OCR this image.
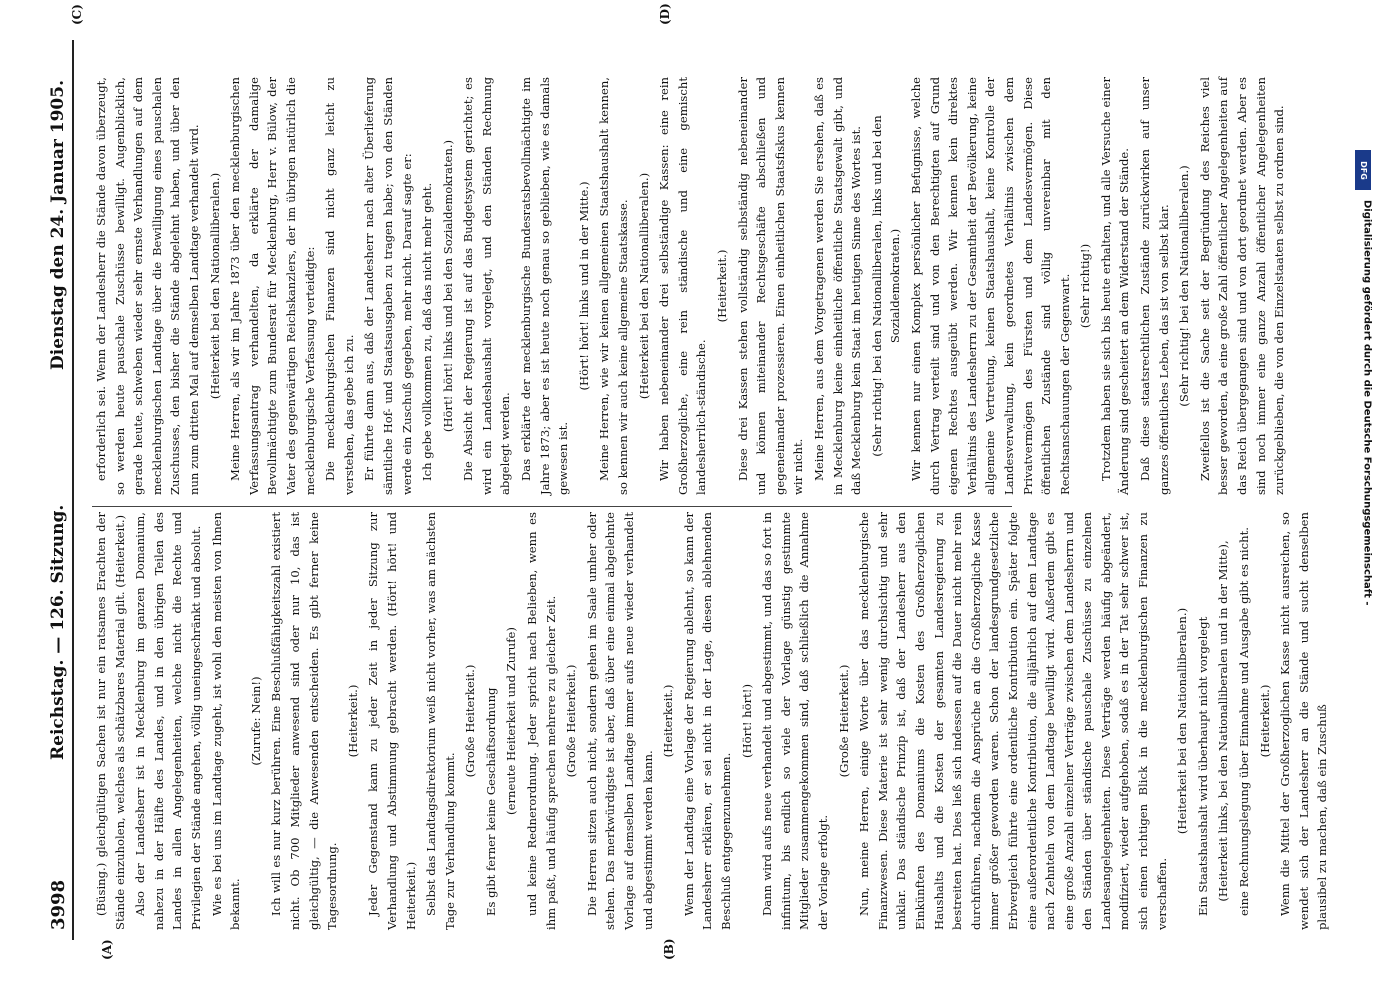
3998
Reichstag. — 126. Sitzung.
Dienstag den 24. Januar 1905.
(A)	(B)
(C)	(D)

(Büsing.) gleichgültigen Sachen ist nur ein ratsames Erachten der Stände einzuholen, welches als schätzbares Material gilt. (Heiterkeit.) Also der Landesherr ist in Mecklenburg im ganzen Domanium, nahezu in der Hälfte des Landes, und in den übrigen Teilen des Landes in allen Angelegenheiten, welche nicht die Rechte und Privilegien der Stände angehen, völlig uneingeschränkt und absolut. Wie es bei uns im Landtage zugeht, ist wohl den meisten von Ihnen bekannt.

(Zurufe: Nein!) Ich will es nur kurz berühren. Eine Beschlußfähigkeitszahl existiert nicht. Ob 700 Mitglieder anwesend sind oder nur 10, das ist gleichgültig, — die Anwesenden entscheiden. Es gibt ferner keine Tagesordnung.

(Heiterkeit.) Jeder Gegenstand kann zu jeder Zeit in jeder Sitzung zur Verhandlung und Abstimmung gebracht werden. (Hört! hört! und Heiterkeit.) Selbst das Landtagsdirektorium weiß nicht vorher, was am nächsten Tage zur Verhandlung kommt.

(Große Heiterkeit.) Es gibt ferner keine Geschäftsordnung (erneute Heiterkeit und Zurufe) und keine Rednerordnung. Jeder spricht nach Belieben, wenn es ihm paßt, und häufig sprechen mehrere zu gleicher Zeit. (Große Heiterkeit.) Die Herren sitzen auch nicht, sondern gehen im Saale umher oder stehen. Das merkwürdigste ist aber, daß über eine einmal abgelehnte Vorlage auf demselben Landtage immer aufs neue wieder verhandelt und abgestimmt werden kann.

(Heiterkeit.) Wenn der Landtag eine Vorlage der Regierung ablehnt, so kann der Landesherr erklären, er sei nicht in der Lage, diesen ablehnenden Beschluß entgegenzunehmen.

(Hört! hört!) Dann wird aufs neue verhandelt und abgestimmt, und das so fort in infinitum, bis endlich so viele der Vorlage günstig gestimmte Mitglieder zusammengekommen sind, daß schließlich die Annahme der Vorlage erfolgt.

(Große Heiterkeit.) Nun, meine Herren, einige Worte über das mecklenburgische Finanzwesen. Diese Materie ist sehr wenig durchsichtig und sehr unklar. Das ständische Prinzip ist, daß der Landesherr aus den Einkünften des Domaniums die Kosten des Großherzoglichen Haushalts und die Kosten der gesamten Landesregierung zu bestreiten hat. Dies ließ sich indessen auf die Dauer nicht mehr rein durchführen, nachdem die Ansprüche an die Großherzogliche Kasse immer größer geworden waren. Schon der landesgrundgesetzliche Erbvergleich führte eine ordentliche Kontribution ein. Später folgte eine außerordentliche Kontribution, die alljährlich auf dem Landtage nach Zehnteln von dem Landtage bewilligt wird. Außerdem gibt es eine große Anzahl einzelner Verträge zwischen dem Landesherrn und den Ständen über ständische pauschale Zuschüsse zu einzelnen Landesangelegenheiten. Diese Verträge werden häufig abgeändert, modifiziert, wieder aufgehoben, sodaß es in der Tat sehr schwer ist, sich einen richtigen Blick in die mecklenburgischen Finanzen zu verschaffen.

(Heiterkeit bei den Nationalliberalen.) Ein Staatshaushalt wird überhaupt nicht vorgelegt (Heiterkeit links, bei den Nationalliberalen und in der Mitte), eine Rechnungslegung über Einnahme und Ausgabe gibt es nicht. (Heiterkeit.) Wenn die Mittel der Großherzoglichen Kasse nicht ausreichen, so wendet sich der Landesherr an die Stände und sucht denselben plausibel zu machen, daß ein Zuschuß

erforderlich sei. Wenn der Landesherr die Stände davon überzeugt, so werden heute pauschale Zuschüsse bewilligt. Augenblicklich, gerade heute, schweben wieder sehr ernste Verhandlungen auf dem mecklenburgischen Landtage über die Bewilligung eines pauschalen Zuschusses, den bisher die Stände abgelehnt haben, und über den nun zum dritten Mal auf demselben Landtage verhandelt wird. (Heiterkeit bei den Nationalliberalen.) Meine Herren, als wir im Jahre 1873 über den mecklenburgischen Verfassungsantrag verhandelten, da erklärte der damalige Bevollmächtigte zum Bundesrat für Mecklenburg, Herr v. Bülow, der Vater des gegenwärtigen Reichskanzlers, der im übrigen natürlich die mecklenburgische Verfassung verteidigte: Die mecklenburgischen Finanzen sind nicht ganz leicht zu verstehen, das gebe ich zu. Er führte dann aus, daß der Landesherr nach alter Überlieferung sämtliche Hof- und Staatsausgaben zu tragen habe; von den Ständen werde ein Zuschuß gegeben, mehr nicht. Darauf sagte er: Ich gebe vollkommen zu, daß das nicht mehr geht. (Hört! hört! links und bei den Sozialdemokraten.) Die Absicht der Regierung ist auf das Budgetsystem gerichtet; es wird ein Landeshaushalt vorgelegt, und den Ständen Rechnung abgelegt werden. Das erklärte der mecklenburgische Bundesratsbevollmächtigte im Jahre 1873; aber es ist heute noch genau so geblieben, wie es damals gewesen ist.

(Hört! hört! links und in der Mitte.) Meine Herren, wie wir keinen allgemeinen Staatshaushalt kennen, so kennen wir auch keine allgemeine Staatskasse. (Heiterkeit bei den Nationalliberalen.) Wir haben nebeneinander drei selbständige Kassen: eine rein Großherzogliche, eine rein ständische und eine gemischt landesherrlich-ständische.

(Heiterkeit.) Diese drei Kassen stehen vollständig selbständig nebeneinander und können miteinander Rechtsgeschäfte abschließen und gegeneinander prozessieren. Einen einheitlichen Staatsfiskus kennen wir nicht. Meine Herren, aus dem Vorgetragenen werden Sie ersehen, daß es in Mecklenburg keine einheitliche öffentliche Staatsgewalt gibt, und daß Mecklenburg kein Staat im heutigen Sinne des Wortes ist. (Sehr richtig! bei den Nationalliberalen, links und bei den Sozialdemokraten.) Wir kennen nur einen Komplex persönlicher Befugnisse, welche durch Vertrag verteilt sind und von den Berechtigten auf Grund eigenen Rechtes ausgeübt werden. Wir kennen kein direktes Verhältnis des Landesherrn zu der Gesamtheit der Bevölkerung, keine allgemeine Vertretung, keinen Staatshaushalt, keine Kontrolle der Landesverwaltung, kein geordnetes Verhältnis zwischen dem Privatvermögen des Fürsten und dem Landesvermögen. Diese öffentlichen Zustände sind völlig unvereinbar mit den Rechtsanschauungen der Gegenwart. (Sehr richtig!) Trotzdem haben sie sich bis heute erhalten, und alle Versuche einer Änderung sind gescheitert an dem Widerstand der Stände. Daß diese staatsrechtlichen Zustände zurückwirken auf unser ganzes öffentliches Leben, das ist von selbst klar. (Sehr richtig! bei den Nationalliberalen.) Zweifellos ist die Sache seit der Begründung des Reiches viel besser geworden, da eine große Zahl öffentlicher Angelegenheiten auf das Reich übergegangen sind und von dort geordnet werden. Aber es sind noch immer eine ganze Anzahl öffentlicher Angelegenheiten zurückgeblieben, die von den Einzelstaaten selbst zu ordnen sind.	DFG
Digitalisierung gefördert durch die Deutsche Forschungsgemeinschaft -
